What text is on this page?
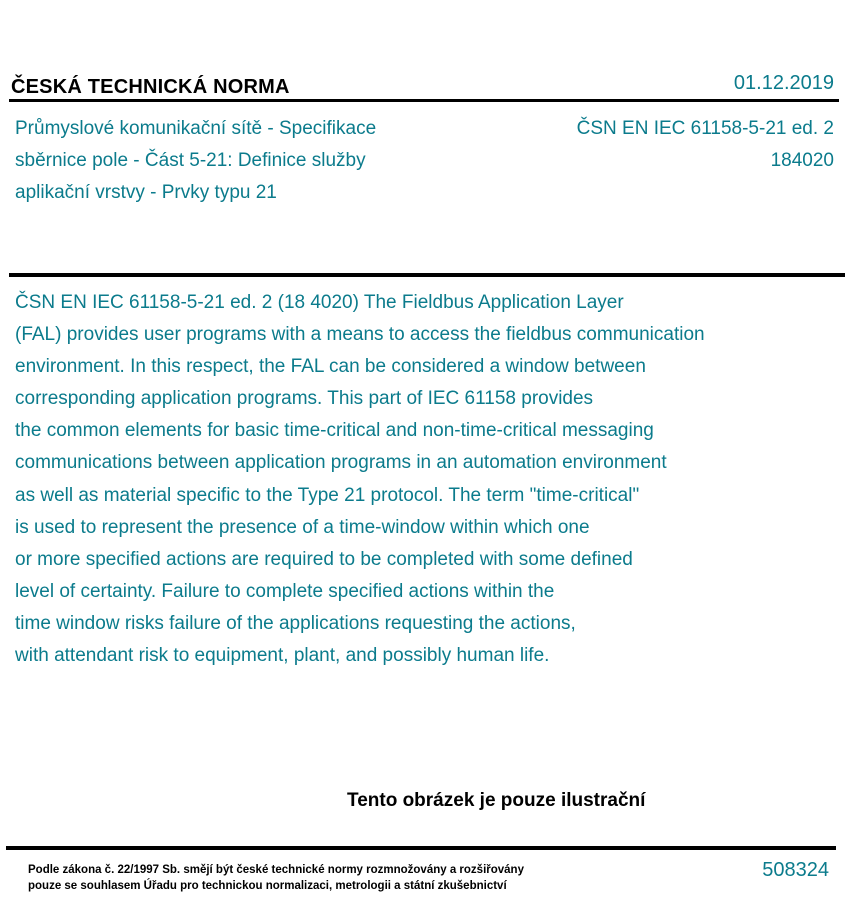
ČESKÁ TECHNICKÁ NORMA	01.12.2019
Průmyslové komunikační sítě - Specifikace
sběrnice pole - Část 5-21: Definice služby
aplikační vrstvy - Prvky typu 21
ČSN EN IEC 61158-5-21 ed. 2
184020
ČSN EN IEC 61158-5-21 ed. 2 (18 4020) The Fieldbus Application Layer
(FAL) provides user programs with a means to access the fieldbus communication
environment. In this respect, the FAL can be considered a window between
corresponding application programs. This part of IEC 61158 provides
the common elements for basic time-critical and non-time-critical messaging
communications between application programs in an automation environment
as well as material specific to the Type 21 protocol. The term "time-critical"
is used to represent the presence of a time-window within which one
or more specified actions are required to be completed with some defined
level of certainty. Failure to complete specified actions within the
time window risks failure of the applications requesting the actions,
with attendant risk to equipment, plant, and possibly human life.
Tento obrázek je pouze ilustrační
Podle zákona č. 22/1997 Sb. smějí být české technické normy rozmnožovány a rozšiřovány
pouze se souhlasem Úřadu pro technickou normalizaci, metrologii a státní zkušebnictví
508324
